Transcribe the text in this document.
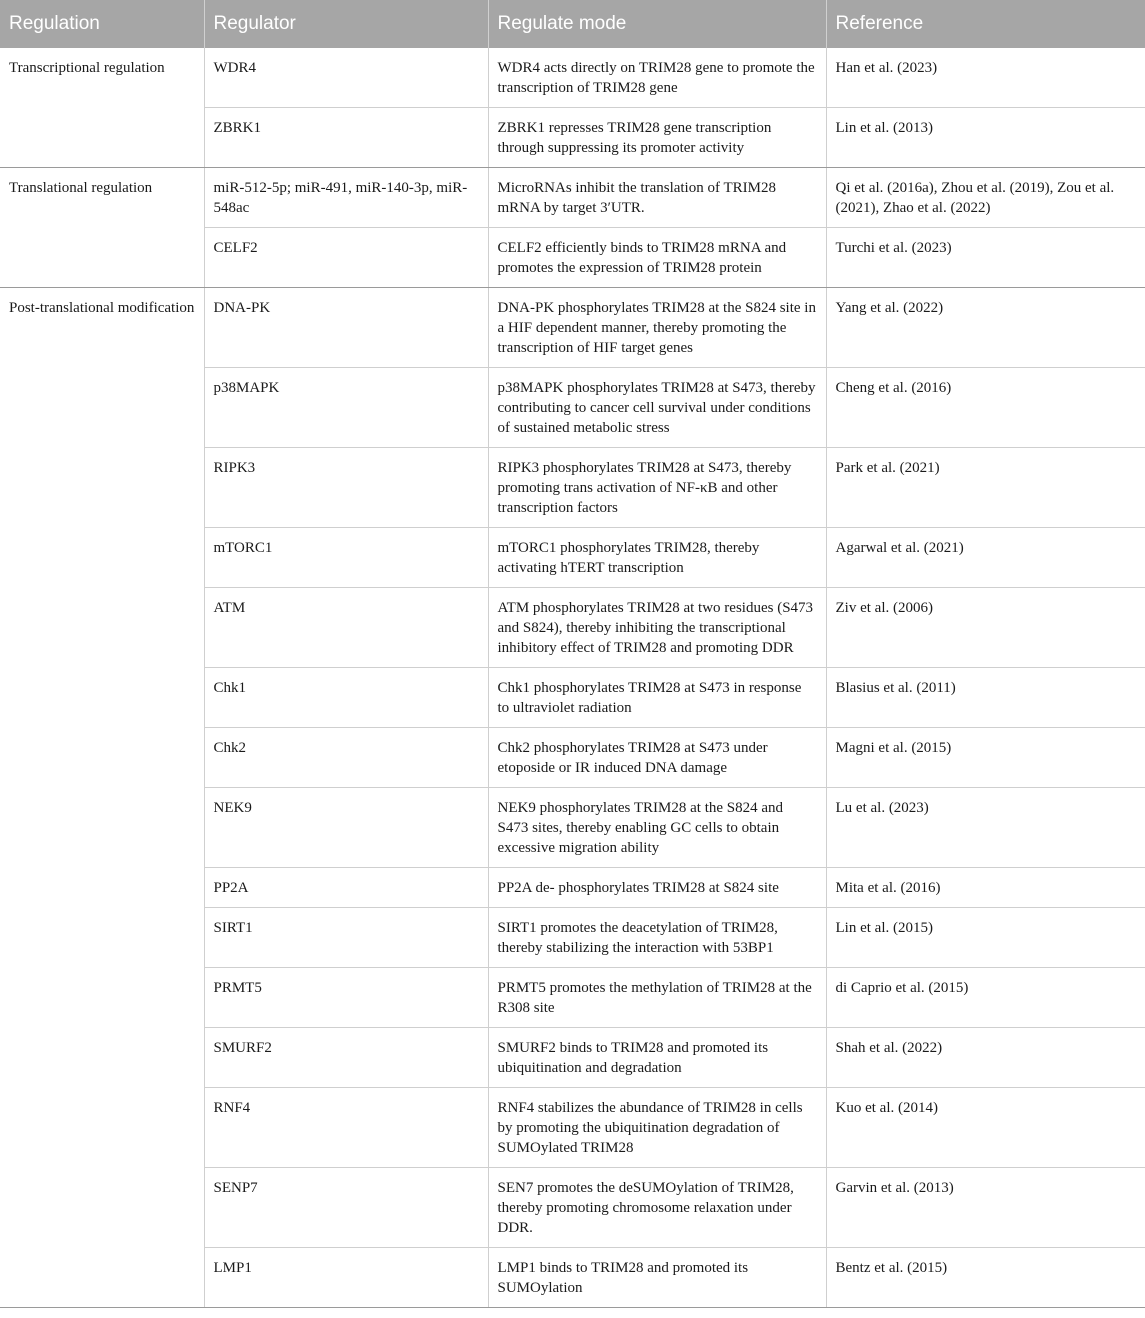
Regulation	Regulator	Regulate mode	Reference
Transcriptional regulation	WDR4	WDR4 acts directly on TRIM28 gene to promote the transcription of TRIM28 gene	Han et al. (2023)
	ZBRK1	ZBRK1 represses TRIM28 gene transcription through suppressing its promoter activity	Lin et al. (2013)
Translational regulation	miR-512-5p; miR-491, miR-140-3p, miR-548ac	MicroRNAs inhibit the translation of TRIM28 mRNA by target 3′UTR.	Qi et al. (2016a), Zhou et al. (2019), Zou et al. (2021), Zhao et al. (2022)
	CELF2	CELF2 efficiently binds to TRIM28 mRNA and promotes the expression of TRIM28 protein	Turchi et al. (2023)
Post-translational modification	DNA-PK	DNA-PK phosphorylates TRIM28 at the S824 site in a HIF dependent manner, thereby promoting the transcription of HIF target genes	Yang et al. (2022)
	p38MAPK	p38MAPK phosphorylates TRIM28 at S473, thereby contributing to cancer cell survival under conditions of sustained metabolic stress	Cheng et al. (2016)
	RIPK3	RIPK3 phosphorylates TRIM28 at S473, thereby promoting trans activation of NF-κB and other transcription factors	Park et al. (2021)
	mTORC1	mTORC1 phosphorylates TRIM28, thereby activating hTERT transcription	Agarwal et al. (2021)
	ATM	ATM phosphorylates TRIM28 at two residues (S473 and S824), thereby inhibiting the transcriptional inhibitory effect of TRIM28 and promoting DDR	Ziv et al. (2006)
	Chk1	Chk1 phosphorylates TRIM28 at S473 in response to ultraviolet radiation	Blasius et al. (2011)
	Chk2	Chk2 phosphorylates TRIM28 at S473 under etoposide or IR induced DNA damage	Magni et al. (2015)
	NEK9	NEK9 phosphorylates TRIM28 at the S824 and S473 sites, thereby enabling GC cells to obtain excessive migration ability	Lu et al. (2023)
	PP2A	PP2A de- phosphorylates TRIM28 at S824 site	Mita et al. (2016)
	SIRT1	SIRT1 promotes the deacetylation of TRIM28, thereby stabilizing the interaction with 53BP1	Lin et al. (2015)
	PRMT5	PRMT5 promotes the methylation of TRIM28 at the R308 site	di Caprio et al. (2015)
	SMURF2	SMURF2 binds to TRIM28 and promoted its ubiquitination and degradation	Shah et al. (2022)
	RNF4	RNF4 stabilizes the abundance of TRIM28 in cells by promoting the ubiquitination degradation of SUMOylated TRIM28	Kuo et al. (2014)
	SENP7	SEN7 promotes the deSUMOylation of TRIM28, thereby promoting chromosome relaxation under DDR.	Garvin et al. (2013)
	LMP1	LMP1 binds to TRIM28 and promoted its SUMOylation	Bentz et al. (2015)
